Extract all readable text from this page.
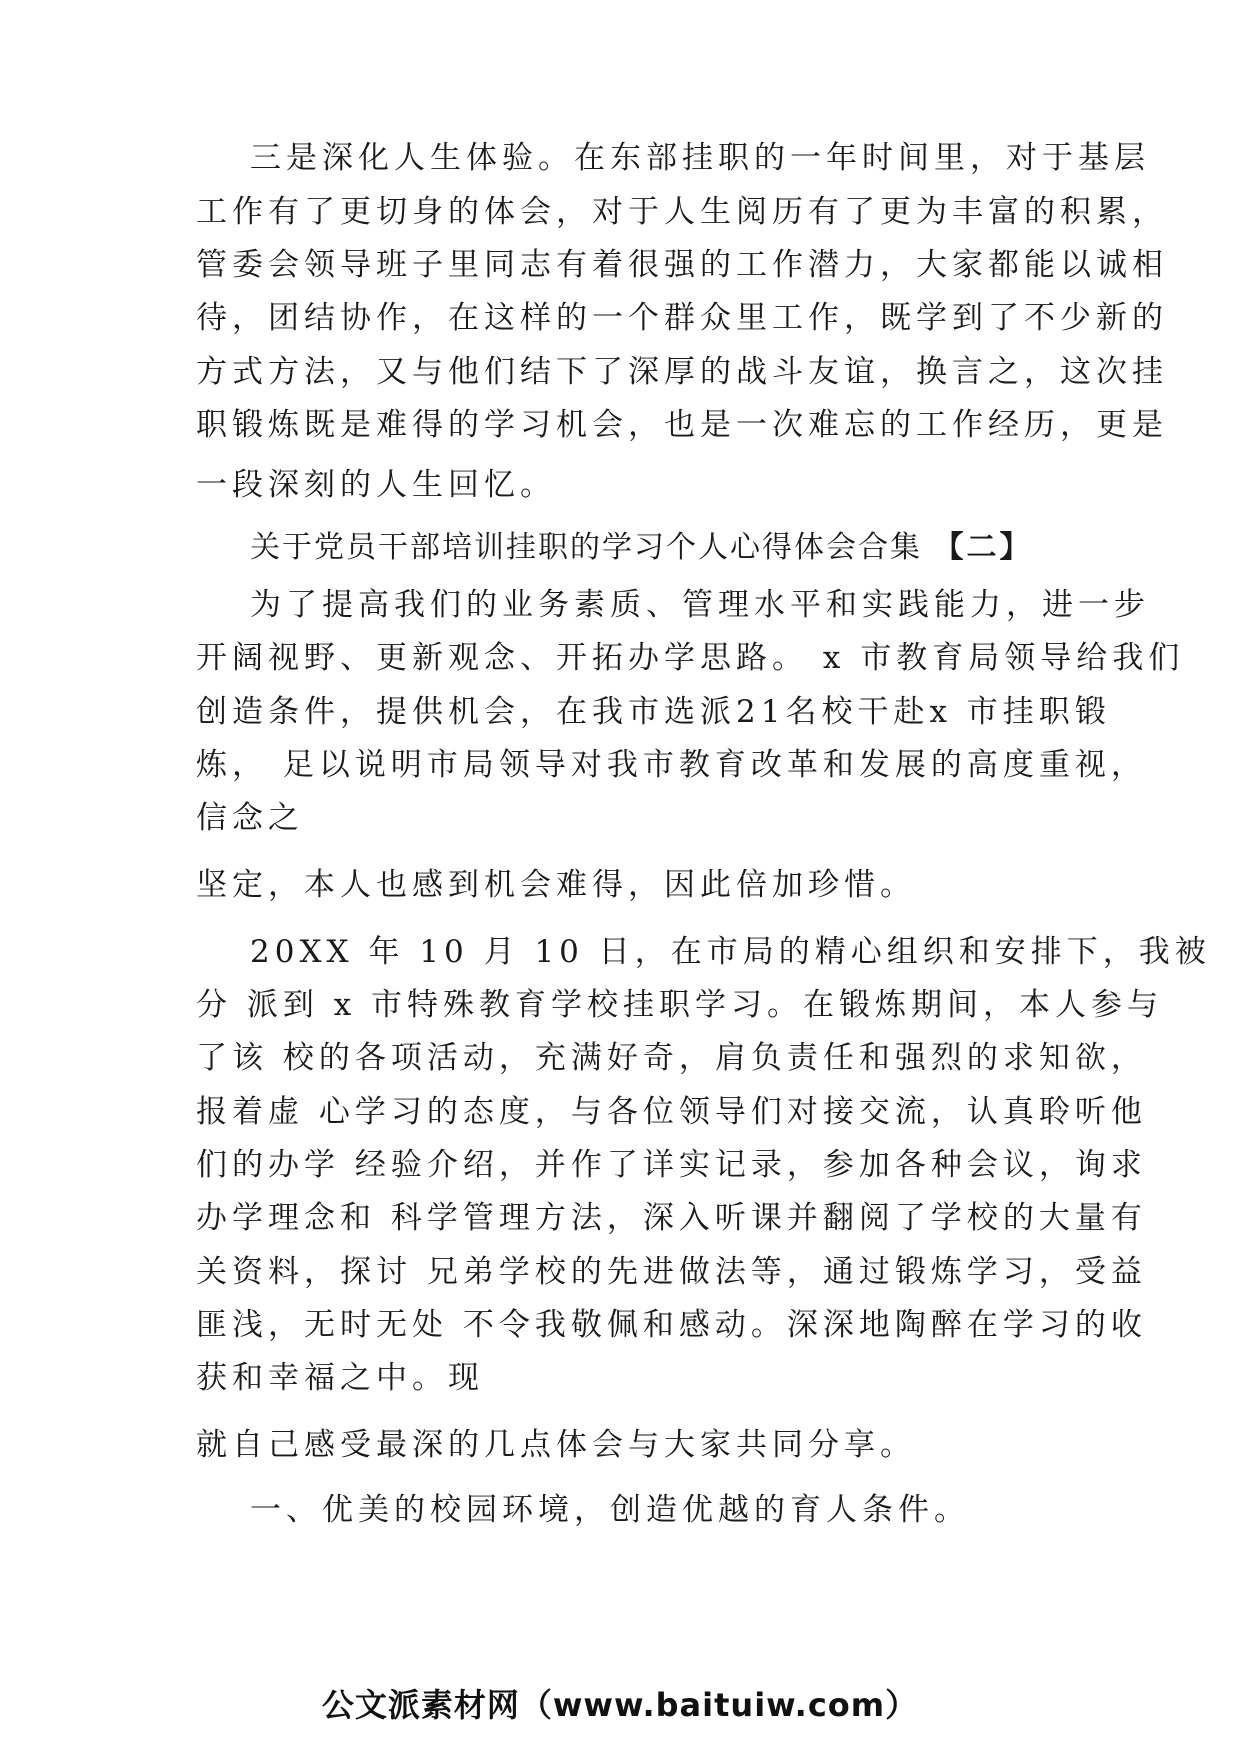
三是深化人生体验。在东部挂职的一年时间里，对于基层

工作有了更切身的体会，对于人生阅历有了更为丰富的积累，

管委会领导班子里同志有着很强的工作潜力，大家都能以诚相

待，团结协作，在这样的一个群众里工作，既学到了不少新的

方式方法，又与他们结下了深厚的战斗友谊，换言之，这次挂

职锻炼既是难得的学习机会，也是一次难忘的工作经历，更是

一段深刻的人生回忆。

关于党员干部培训挂职的学习个人心得体会合集 【二】

为了提高我们的业务素质、管理水平和实践能力，进一步

开阔视野、更新观念、开拓办学思路。 x 市教育局领导给我们

创造条件，提供机会，在我市选派21名校干赴x 市挂职锻

炼， 足以说明市局领导对我市教育改革和发展的高度重视，

信念之

坚定，本人也感到机会难得，因此倍加珍惜。

20XX 年 10 月 10 日，在市局的精心组织和安排下，我被

分 派到 x 市特殊教育学校挂职学习。在锻炼期间，本人参与

了该 校的各项活动，充满好奇，肩负责任和强烈的求知欲，

报着虚 心学习的态度，与各位领导们对接交流，认真聆听他

们的办学 经验介绍，并作了详实记录，参加各种会议，询求

办学理念和 科学管理方法，深入听课并翻阅了学校的大量有

关资料，探讨 兄弟学校的先进做法等，通过锻炼学习，受益

匪浅，无时无处 不令我敬佩和感动。深深地陶醉在学习的收

获和幸福之中。现

就自己感受最深的几点体会与大家共同分享。

一、优美的校园环境，创造优越的育人条件。

公文派素材网（www.baituiw.com）
